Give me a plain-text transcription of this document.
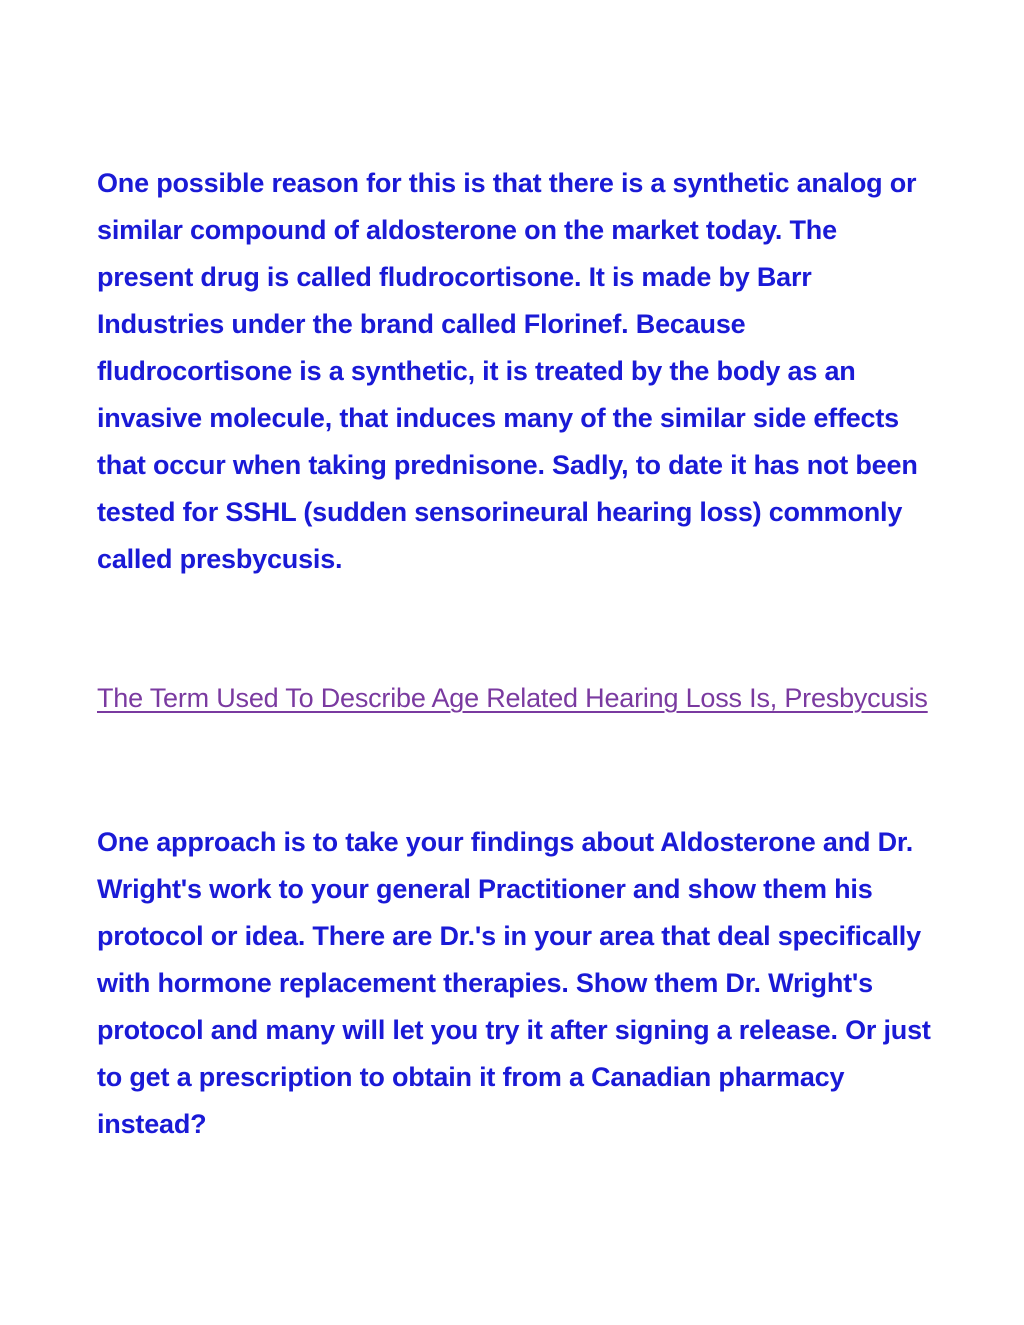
One possible reason for this is that there is a synthetic analog or similar compound of aldosterone on the market today. The present drug is called fludrocortisone. It is made by Barr Industries under the brand called Florinef. Because fludrocortisone is a synthetic, it is treated by the body as an invasive molecule, that induces many of the similar side effects that occur when taking prednisone. Sadly, to date it has not been tested for SSHL (sudden sensorineural hearing loss) commonly called presbycusis.

The Term Used To Describe Age Related Hearing Loss Is, Presbycusis

One approach is to take your findings about Aldosterone and Dr. Wright's work to your general Practitioner and show them his protocol or idea. There are Dr.'s in your area that deal specifically with hormone replacement therapies. Show them Dr. Wright's protocol and many will let you try it after signing a release. Or just to get a prescription to obtain it from a Canadian pharmacy instead?
